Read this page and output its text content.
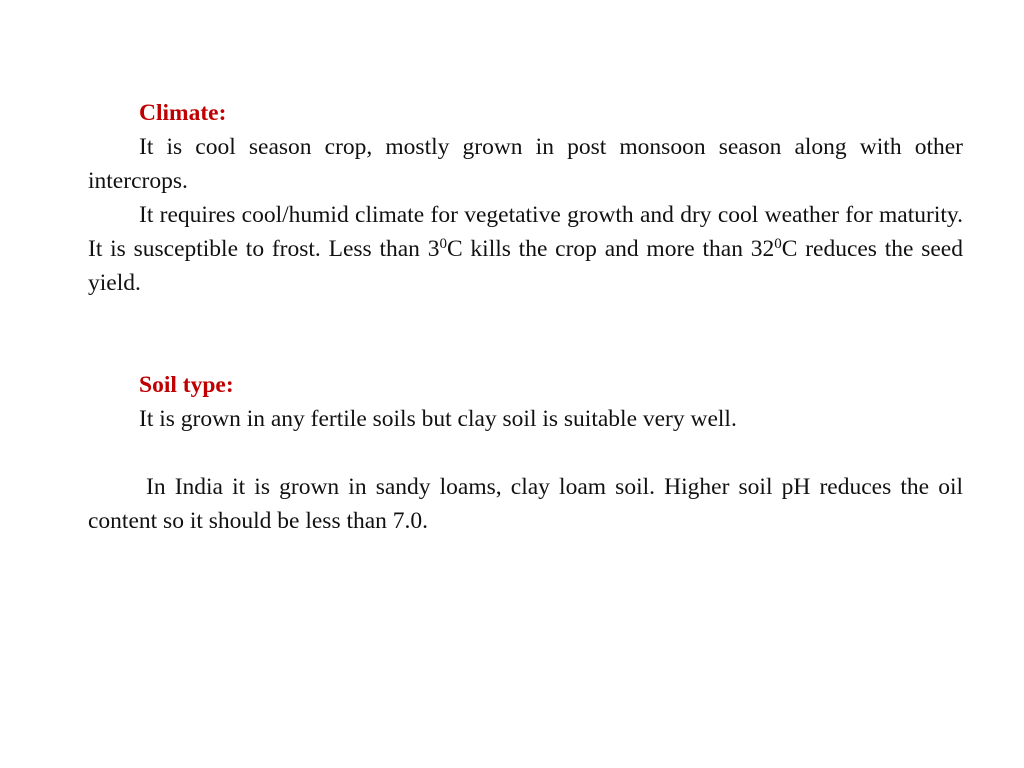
Climate:

It is cool season crop, mostly grown in post monsoon season along with other intercrops.

It requires cool/humid climate for vegetative growth and dry cool weather for maturity. It is susceptible to frost. Less than $3^0C$ kills the crop and more than $32^0C$ reduces the seed yield.

Soil type:

It is grown in any fertile soils but clay soil is suitable very well.

In India it is grown in sandy loams, clay loam soil. Higher soil pH reduces the oil content so it should be less than 7.0.
